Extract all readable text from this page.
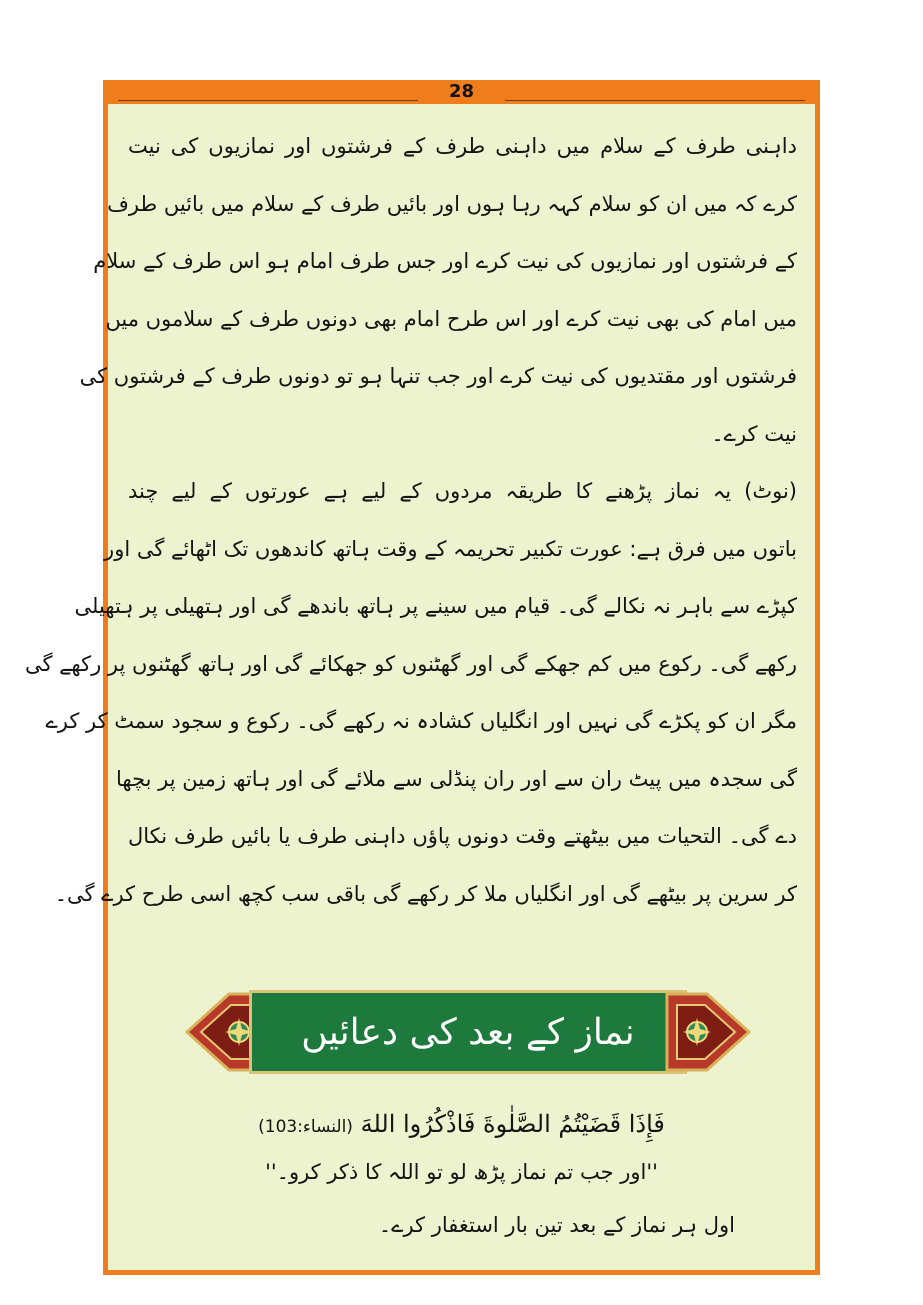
28

داہنی طرف کے سلام میں داہنی طرف کے فرشتوں اور نمازیوں کی نیت
کرے کہ میں ان کو سلام کہہ رہا ہوں اور بائیں طرف کے سلام میں بائیں طرف
کے فرشتوں اور نمازیوں کی نیت کرے اور جس طرف امام ہو اس طرف کے سلام
میں امام کی بھی نیت کرے اور اس طرح امام بھی دونوں طرف کے سلاموں میں
فرشتوں اور مقتدیوں کی نیت کرے اور جب تنہا ہو تو دونوں طرف کے فرشتوں کی
نیت کرے۔

(نوٹ) یہ نماز پڑھنے کا طریقہ مردوں کے لیے ہے عورتوں کے لیے چند
باتوں میں فرق ہے: عورت تکبیر تحریمہ کے وقت ہاتھ کاندھوں تک اٹھائے گی اور
کپڑے سے باہر نہ نکالے گی۔ قیام میں سینے پر ہاتھ باندھے گی اور ہتھیلی پر ہتھیلی
رکھے گی۔ رکوع میں کم جھکے گی اور گھٹنوں کو جھکائے گی اور ہاتھ گھٹنوں پر رکھے گی
مگر ان کو پکڑے گی نہیں اور انگلیاں کشادہ نہ رکھے گی۔ رکوع و سجود سمٹ کر کرے
گی سجدہ میں پیٹ ران سے اور ران پنڈلی سے ملائے گی اور ہاتھ زمین پر بچھا
دے گی۔ التحیات میں بیٹھتے وقت دونوں پاؤں داہنی طرف یا بائیں طرف نکال
کر سرین پر بیٹھے گی اور انگلیاں ملا کر رکھے گی باقی سب کچھ اسی طرح کرے گی۔

نماز کے بعد کی دعائیں
فَإِذَا قَضَيْتُمُ الصَّلٰوةَ فَاذْكُرُوا اللهَ (النساء:103)
''اور جب تم نماز پڑھ لو تو اللہ کا ذکر کرو۔''
اول ہر نماز کے بعد تین بار استغفار کرے۔
